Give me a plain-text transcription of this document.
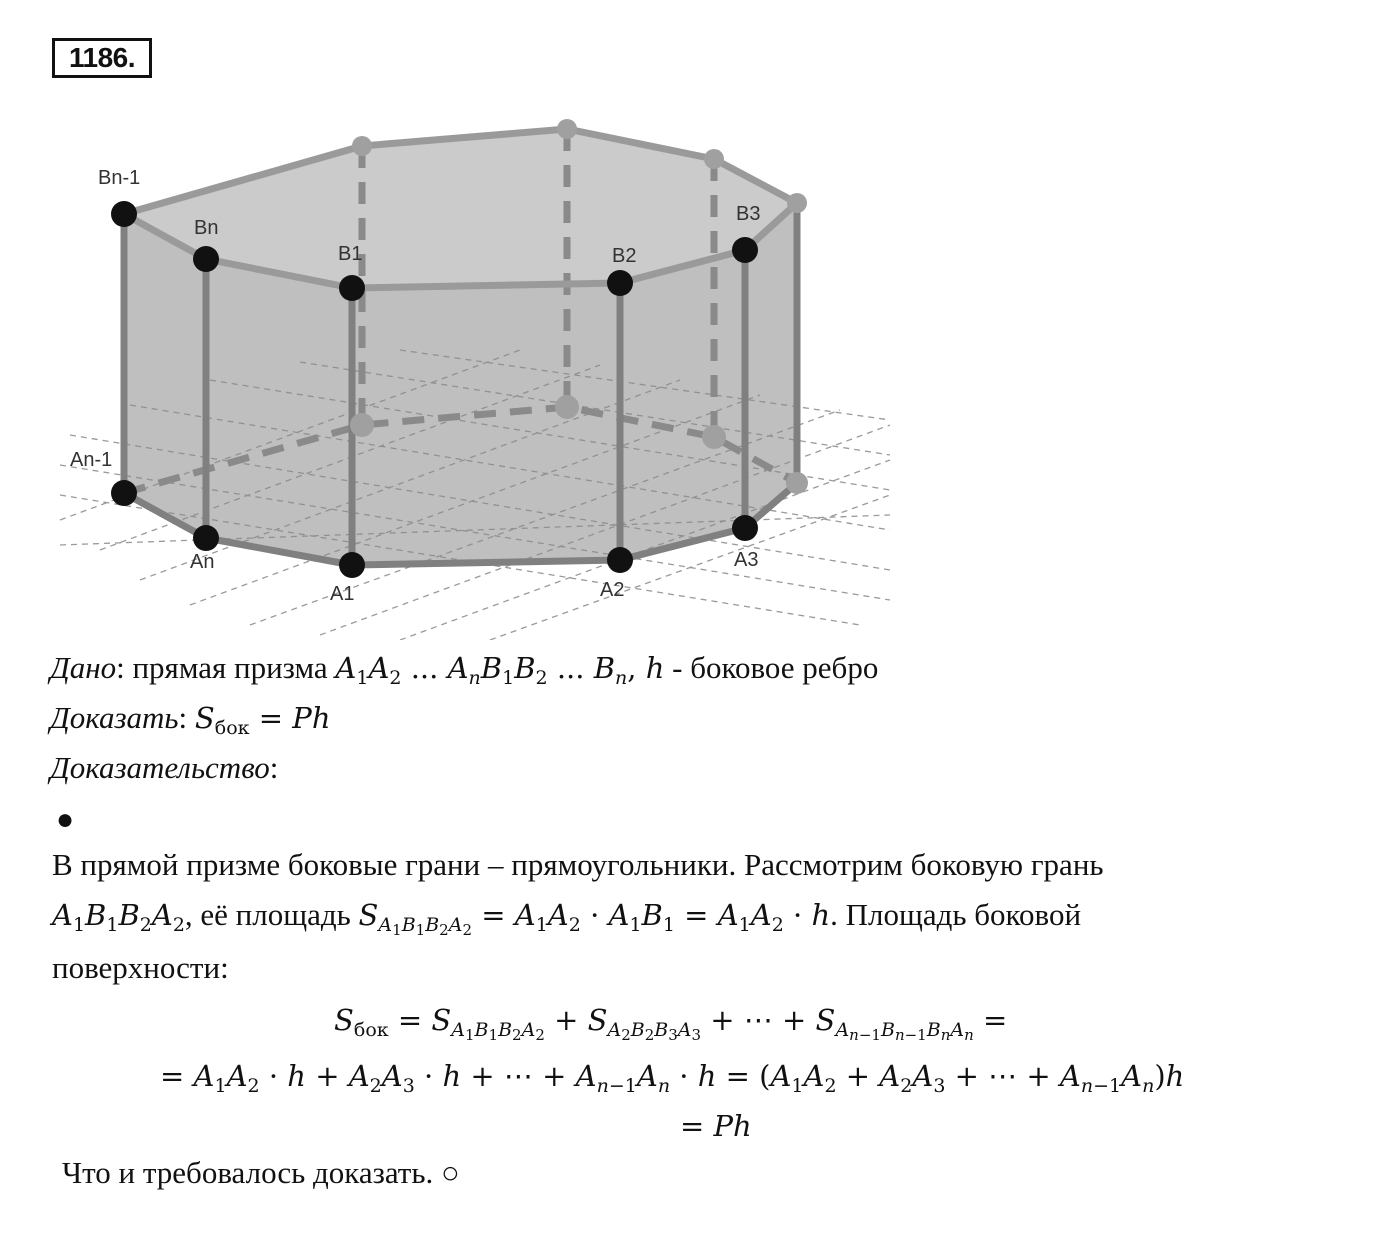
1186.
Bn-1
Bn
B1	B2
B3
An-1
An
A1	A2
A3
Дано: прямая призма $A_1A_2$ ... $A_nB_1B_2$ ... $B_n$, h - боковое ребро
Доказать: $S_{бок} = Ph$
Доказательство:
●
В прямой призме боковые грани – прямоугольники. Рассмотрим боковую грань
$A_1B_1B_2A_2$, её площадь $S_{A_1B_1B_2A_2} = A_1A_2 \cdot A_1B_1 = A_1A_2 \cdot h$. Площадь боковой
поверхности:
$S_{бок} = S_{A_1B_1B_2A_2} + S_{A_2B_2B_3A_3}$ + ⋯ + $S_{A_{n-1}B_{n-1}B_nA_n}$ =
= $A_1A_2 \cdot h + A_2A_3 \cdot h$ + ⋯ + $A_{n-1}A_n \cdot h = (A_1A_2 + A_2A_3$ + ⋯ + $A_{n-1}A_n)h$
= Ph
Что и требовалось доказать. ○
